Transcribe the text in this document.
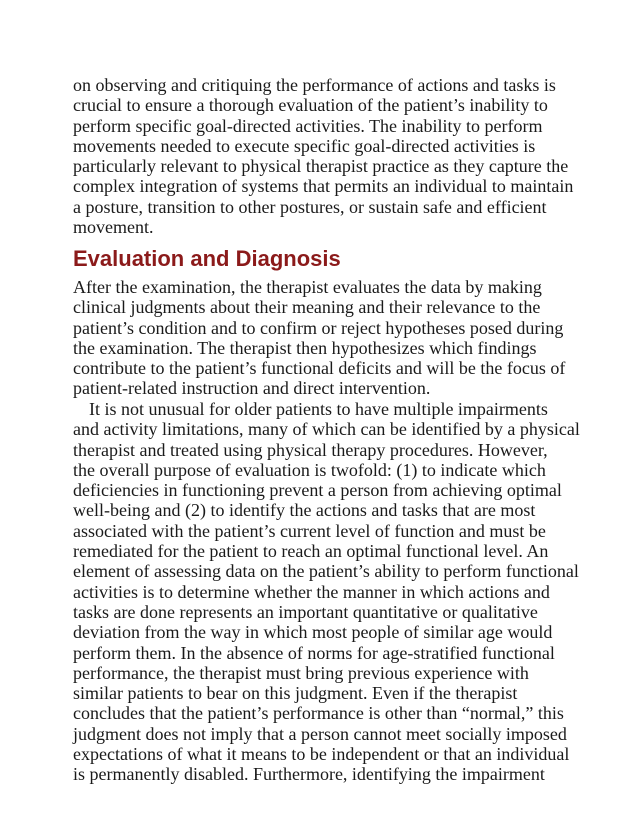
on observing and critiquing the performance of actions and tasks is
crucial to ensure a thorough evaluation of the patient’s inability to
perform specific goal-directed activities. The inability to perform
movements needed to execute specific goal-directed activities is
particularly relevant to physical therapist practice as they capture the
complex integration of systems that permits an individual to maintain
a posture, transition to other postures, or sustain safe and efficient
movement.
Evaluation and Diagnosis
After the examination, the therapist evaluates the data by making
clinical judgments about their meaning and their relevance to the
patient’s condition and to confirm or reject hypotheses posed during
the examination. The therapist then hypothesizes which findings
contribute to the patient’s functional deficits and will be the focus of
patient-related instruction and direct intervention.
It is not unusual for older patients to have multiple impairments
and activity limitations, many of which can be identified by a physical
therapist and treated using physical therapy procedures. However,
the overall purpose of evaluation is twofold: (1) to indicate which
deficiencies in functioning prevent a person from achieving optimal
well-being and (2) to identify the actions and tasks that are most
associated with the patient’s current level of function and must be
remediated for the patient to reach an optimal functional level. An
element of assessing data on the patient’s ability to perform functional
activities is to determine whether the manner in which actions and
tasks are done represents an important quantitative or qualitative
deviation from the way in which most people of similar age would
perform them. In the absence of norms for age-stratified functional
performance, the therapist must bring previous experience with
similar patients to bear on this judgment. Even if the therapist
concludes that the patient’s performance is other than “normal,” this
judgment does not imply that a person cannot meet socially imposed
expectations of what it means to be independent or that an individual
is permanently disabled. Furthermore, identifying the impairment
